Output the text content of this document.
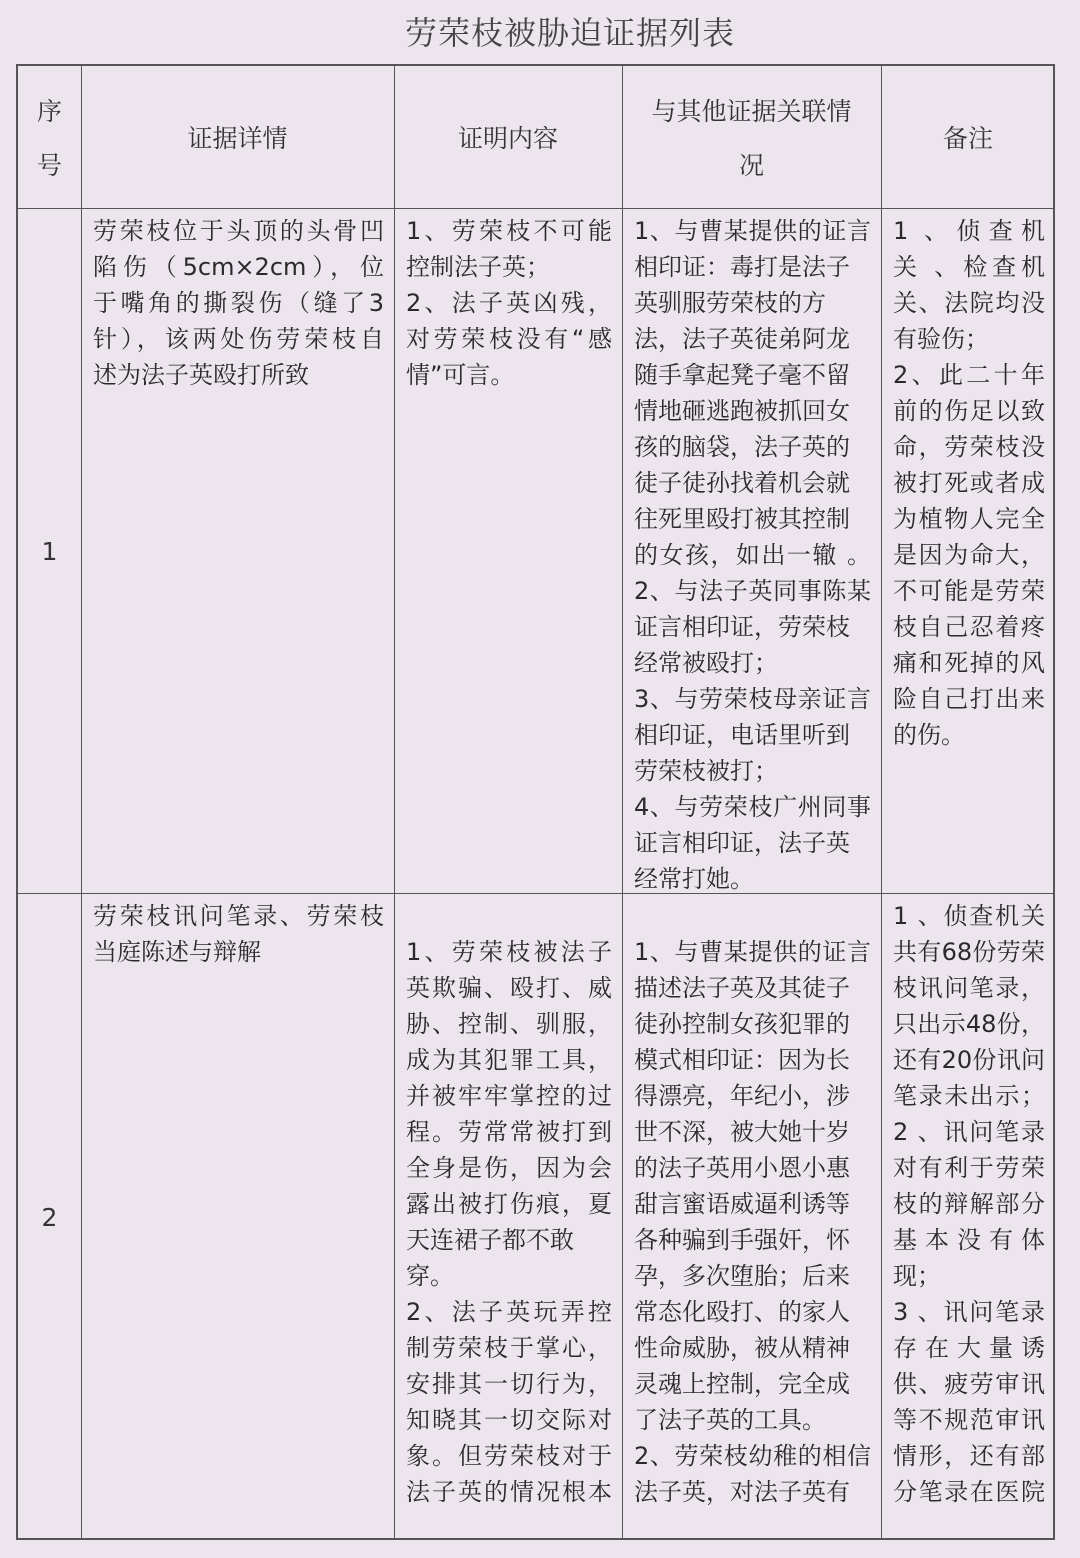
劳荣枝被胁迫证据列表
序
号
证据详情	证明内容
与其他证据关联情
况
备注
1
劳荣枝位于头顶的头骨凹
陷伤（5cm×2cm），位
于嘴角的撕裂伤（缝了3
针），该两处伤劳荣枝自
述为法子英殴打所致
1、劳荣枝不可能
控制法子英；
2、法子英凶残，
对劳荣枝没有“感
情”可言。
1、与曹某提供的证言
相印证：毒打是法子
英驯服劳荣枝的方
法，法子英徒弟阿龙
随手拿起凳子毫不留
情地砸逃跑被抓回女
孩的脑袋，法子英的
徒子徒孙找着机会就
往死里殴打被其控制
的女孩，如出一辙 。
2、与法子英同事陈某
证言相印证，劳荣枝
经常被殴打；
3、与劳荣枝母亲证言
相印证，电话里听到
劳荣枝被打；
4、与劳荣枝广州同事
证言相印证，法子英
经常打她。
1 、侦查机
关 、检查机
关、法院均没
有验伤；
2、此二十年
前的伤足以致
命，劳荣枝没
被打死或者成
为植物人完全
是因为命大，
不可能是劳荣
枝自己忍着疼
痛和死掉的风
险自己打出来
的伤。
2
劳荣枝讯问笔录、劳荣枝
当庭陈述与辩解	1、劳荣枝被法子
英欺骗、殴打、威
胁、控制、驯服，
成为其犯罪工具，
并被牢牢掌控的过
程。劳常常被打到
全身是伤，因为会
露出被打伤痕，夏
天连裙子都不敢
穿。
2、法子英玩弄控
制劳荣枝于掌心，
安排其一切行为，
知晓其一切交际对
象。但劳荣枝对于
法子英的情况根本
1、与曹某提供的证言
描述法子英及其徒子
徒孙控制女孩犯罪的
模式相印证：因为长
得漂亮，年纪小，涉
世不深，被大她十岁
的法子英用小恩小惠
甜言蜜语威逼利诱等
各种骗到手强奸，怀
孕，多次堕胎；后来
常态化殴打、的家人
性命威胁，被从精神
灵魂上控制，完全成
了法子英的工具。
2、劳荣枝幼稚的相信
法子英，对法子英有
1 、侦查机关
共有68份劳荣
枝讯问笔录，
只出示48份，
还有20份讯问
笔录未出示；
2 、讯问笔录
对有利于劳荣
枝的辩解部分
基 本 没 有 体
现；
3 、讯问笔录
存 在 大 量 诱
供、疲劳审讯
等不规范审讯
情形，还有部
分笔录在医院
